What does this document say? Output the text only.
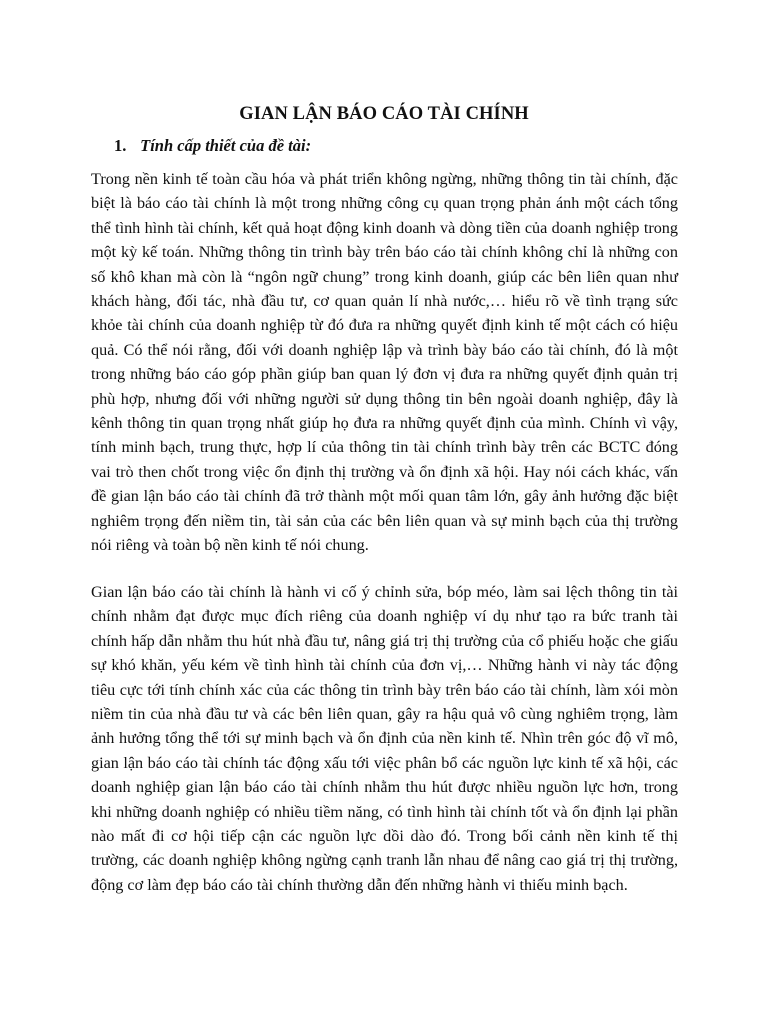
GIAN LẬN BÁO CÁO TÀI CHÍNH
1. Tính cấp thiết của đề tài:

Trong nền kinh tế toàn cầu hóa và phát triển không ngừng, những thông tin tài chính, đặc biệt là báo cáo tài chính là một trong những công cụ quan trọng phản ánh một cách tổng thể tình hình tài chính, kết quả hoạt động kinh doanh và dòng tiền của doanh nghiệp trong một kỳ kế toán. Những thông tin trình bày trên báo cáo tài chính không chỉ là những con số khô khan mà còn là “ngôn ngữ chung” trong kinh doanh, giúp các bên liên quan như khách hàng, đối tác, nhà đầu tư, cơ quan quản lí nhà nước,… hiểu rõ về tình trạng sức khỏe tài chính của doanh nghiệp từ đó đưa ra những quyết định kinh tế một cách có hiệu quả. Có thể nói rằng, đối với doanh nghiệp lập và trình bày báo cáo tài chính, đó là một trong những báo cáo góp phần giúp ban quan lý đơn vị đưa ra những quyết định quản trị phù hợp, nhưng đối với những người sử dụng thông tin bên ngoài doanh nghiệp, đây là kênh thông tin quan trọng nhất giúp họ đưa ra những quyết định của mình. Chính vì vậy, tính minh bạch, trung thực, hợp lí của thông tin tài chính trình bày trên các BCTC đóng vai trò then chốt trong việc ổn định thị trường và ổn định xã hội. Hay nói cách khác, vấn đề gian lận báo cáo tài chính đã trở thành một mối quan tâm lớn, gây ảnh hưởng đặc biệt nghiêm trọng đến niềm tin, tài sản của các bên liên quan và sự minh bạch của thị trường nói riêng và toàn bộ nền kinh tế nói chung.

Gian lận báo cáo tài chính là hành vi cố ý chỉnh sửa, bóp méo, làm sai lệch thông tin tài chính nhằm đạt được mục đích riêng của doanh nghiệp ví dụ như tạo ra bức tranh tài chính hấp dẫn nhằm thu hút nhà đầu tư, nâng giá trị thị trường của cổ phiếu hoặc che giấu sự khó khăn, yếu kém về tình hình tài chính của đơn vị,… Những hành vi này tác động tiêu cực tới tính chính xác của các thông tin trình bày trên báo cáo tài chính, làm xói mòn niềm tin của nhà đầu tư và các bên liên quan, gây ra hậu quả vô cùng nghiêm trọng, làm ảnh hưởng tổng thể tới sự minh bạch và ổn định của nền kinh tế. Nhìn trên góc độ vĩ mô, gian lận báo cáo tài chính tác động xấu tới việc phân bổ các nguồn lực kinh tế xã hội, các doanh nghiệp gian lận báo cáo tài chính nhằm thu hút được nhiều nguồn lực hơn, trong khi những doanh nghiệp có nhiều tiềm năng, có tình hình tài chính tốt và ổn định lại phần nào mất đi cơ hội tiếp cận các nguồn lực dồi dào đó. Trong bối cảnh nền kinh tế thị trường, các doanh nghiệp không ngừng cạnh tranh lẫn nhau để nâng cao giá trị thị trường, động cơ làm đẹp báo cáo tài chính thường dẫn đến những hành vi thiếu minh bạch.
